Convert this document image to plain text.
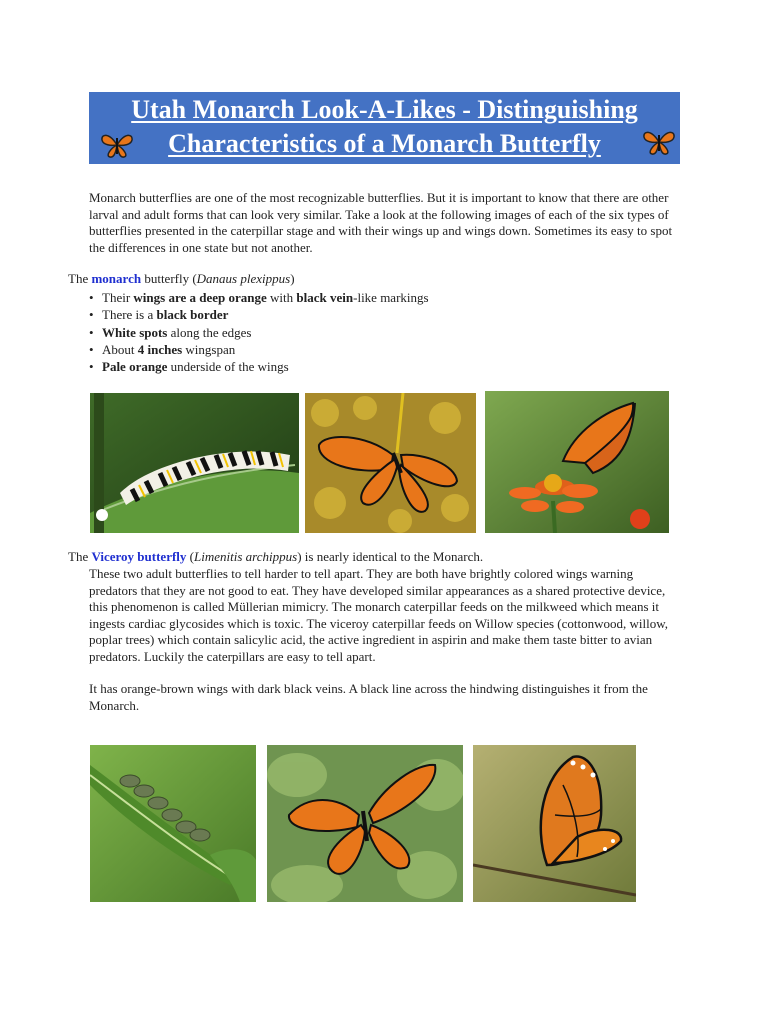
Utah Monarch Look-A-Likes - Distinguishing
Characteristics of a Monarch Butterfly
Monarch butterflies are one of the most recognizable butterflies. But it is important to know that there are other larval and adult forms that can look very similar. Take a look at the following images of each of the six types of butterflies presented in the caterpillar stage and with their wings up and wings down. Sometimes its easy to spot the differences in one state but not another.
The monarch butterfly (Danaus plexippus)
• Their wings are a deep orange with black vein-like markings
• There is a black border
• White spots along the edges
• About 4 inches wingspan
• Pale orange underside of the wings
The Viceroy butterfly (Limenitis archippus) is nearly identical to the Monarch.
These two adult butterflies to tell harder to tell apart. They are both have brightly colored wings warning predators that they are not good to eat. They have developed similar appearances as a shared protective device, this phenomenon is called Müllerian mimicry. The monarch caterpillar feeds on the milkweed which means it ingests cardiac glycosides which is toxic. The viceroy caterpillar feeds on Willow species (cottonwood, willow, poplar trees) which contain salicylic acid, the active ingredient in aspirin and make them taste bitter to avian predators. Luckily the caterpillars are easy to tell apart.
It has orange-brown wings with dark black veins. A black line across the hindwing distinguishes it from the Monarch.
